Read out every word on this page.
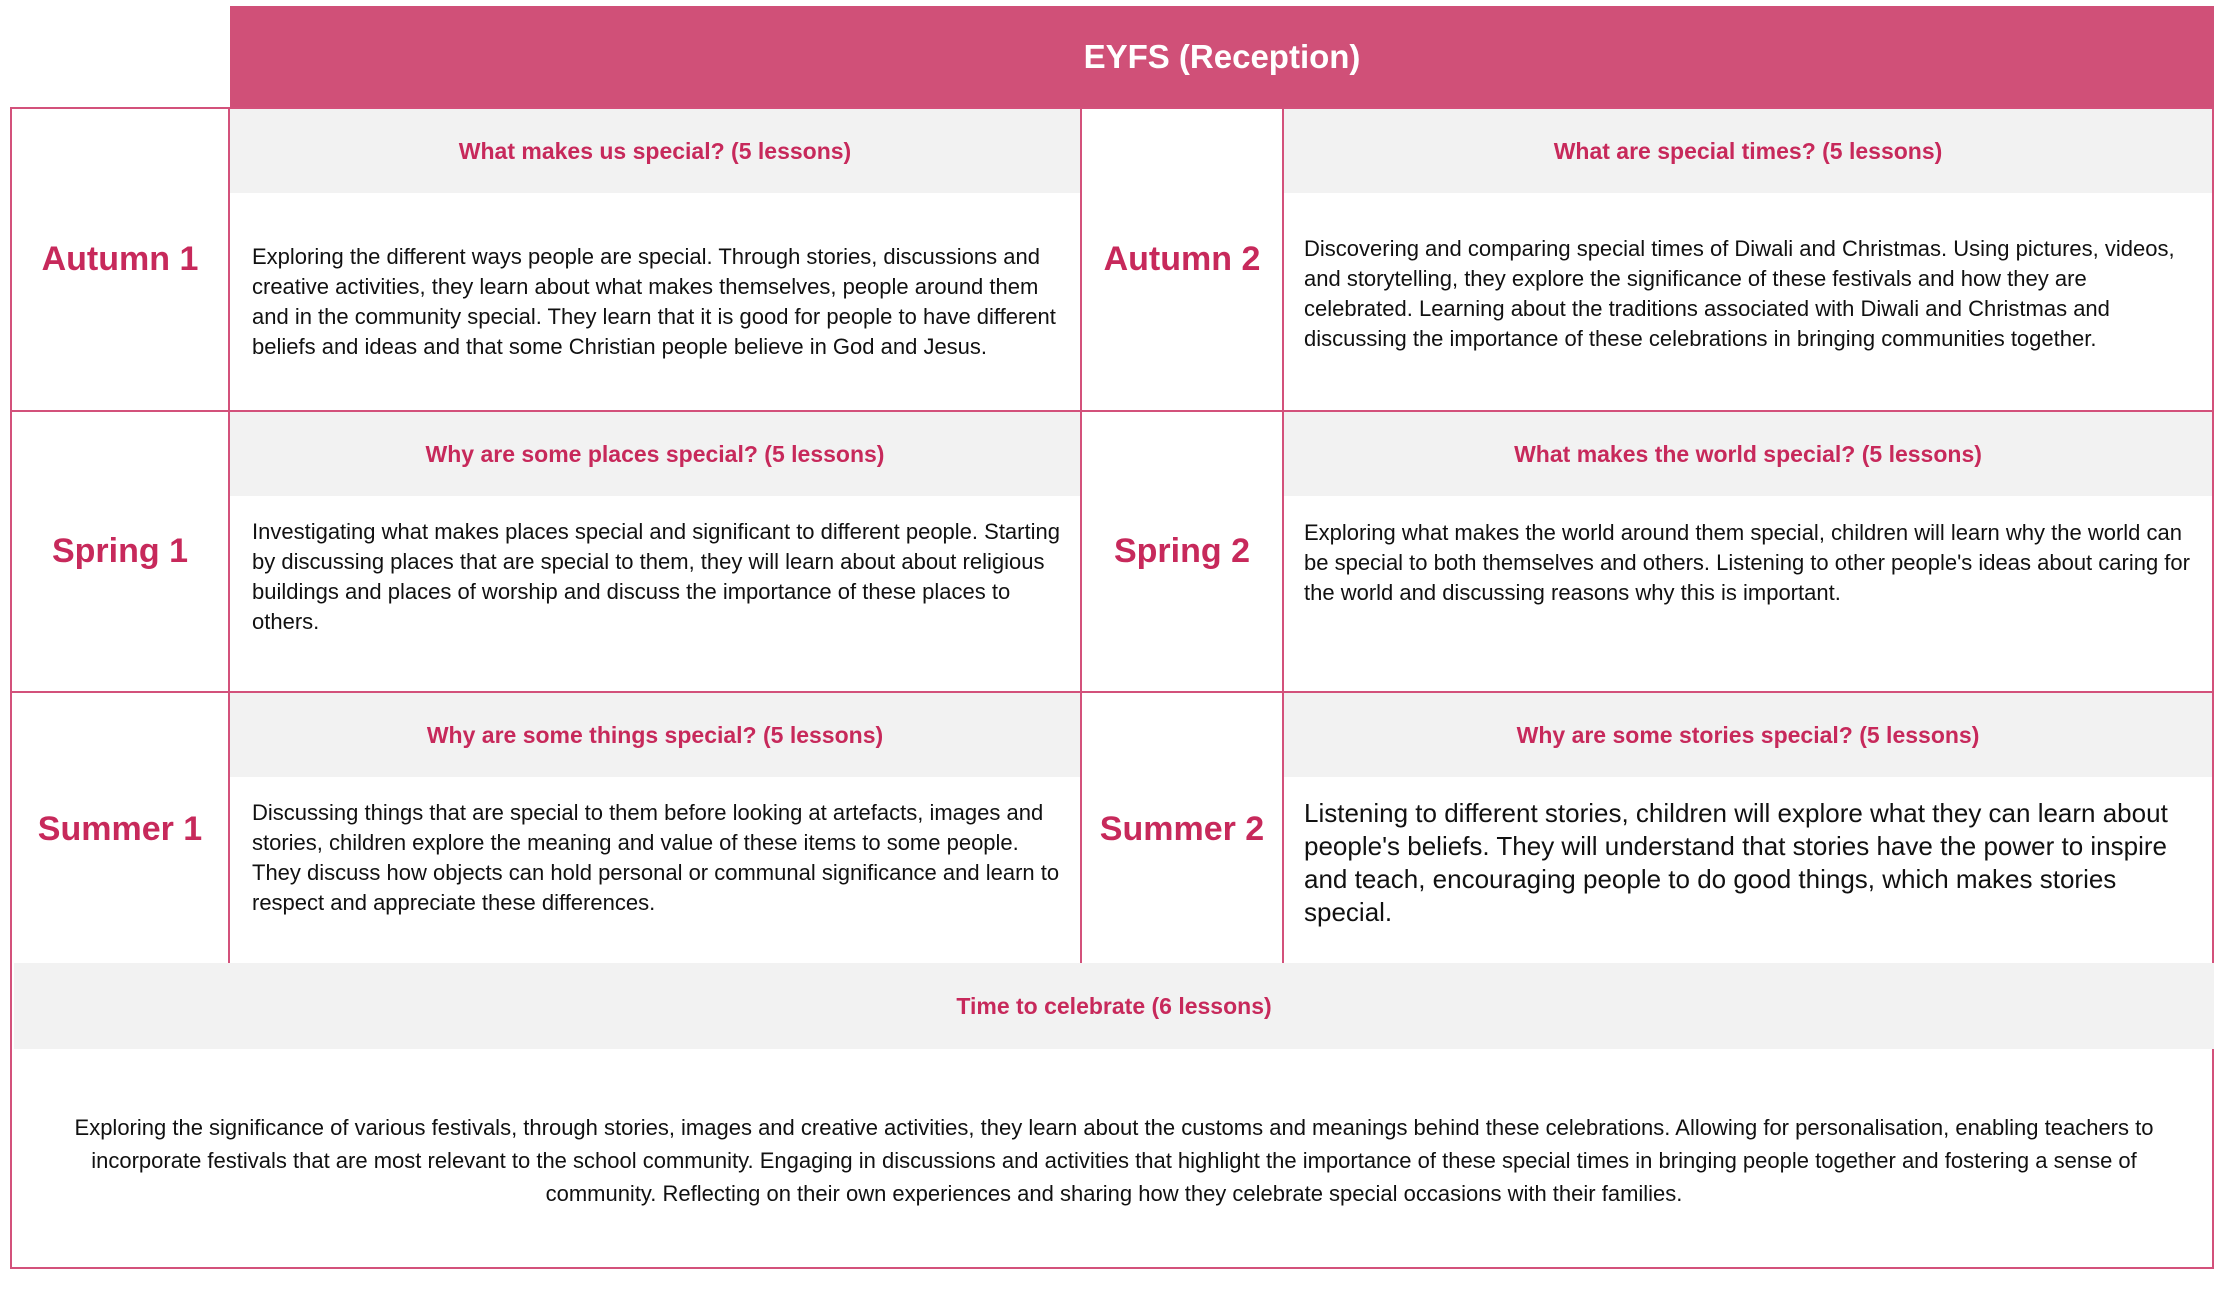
EYFS (Reception)
Autumn 1
What makes us special? (5 lessons)

Exploring the different ways people are special. Through stories, discussions and creative activities, they learn about what makes themselves, people around them and in the community special. They learn that it is good for people to have different beliefs and ideas and that some Christian people believe in God and Jesus.

Autumn 2
What are special times? (5 lessons)

Discovering and comparing special times of Diwali and Christmas. Using pictures, videos, and storytelling, they explore the significance of these festivals and how they are celebrated. Learning about the traditions associated with Diwali and Christmas and discussing the importance of these celebrations in bringing communities together.

Spring 1
Why are some places special? (5 lessons)

Investigating what makes places special and significant to different people. Starting by discussing places that are special to them, they will learn about about religious buildings and places of worship and discuss the importance of these places to others.

Spring 2
What makes the world special? (5 lessons)

Exploring what makes the world around them special, children will learn why the world can be special to both themselves and others. Listening to other people's ideas about caring for the world and discussing reasons why this is important.

Summer 1
Why are some things special? (5 lessons)

Discussing things that are special to them before looking at artefacts, images and stories, children explore the meaning and value of these items to some people. They discuss how objects can hold personal or communal significance and learn to respect and appreciate these differences.

Summer 2
Why are some stories special? (5 lessons)

Listening to different stories, children will explore what they can learn about people's beliefs. They will understand that stories have the power to inspire and teach, encouraging people to do good things, which makes stories special.

Time to celebrate (6 lessons)
Exploring the significance of various festivals, through stories, images and creative activities, they learn about the customs and meanings behind these celebrations. Allowing for personalisation, enabling teachers to incorporate festivals that are most relevant to the school community. Engaging in discussions and activities that highlight the importance of these special times in bringing people together and fostering a sense of community. Reflecting on their own experiences and sharing how they celebrate special occasions with their families.
